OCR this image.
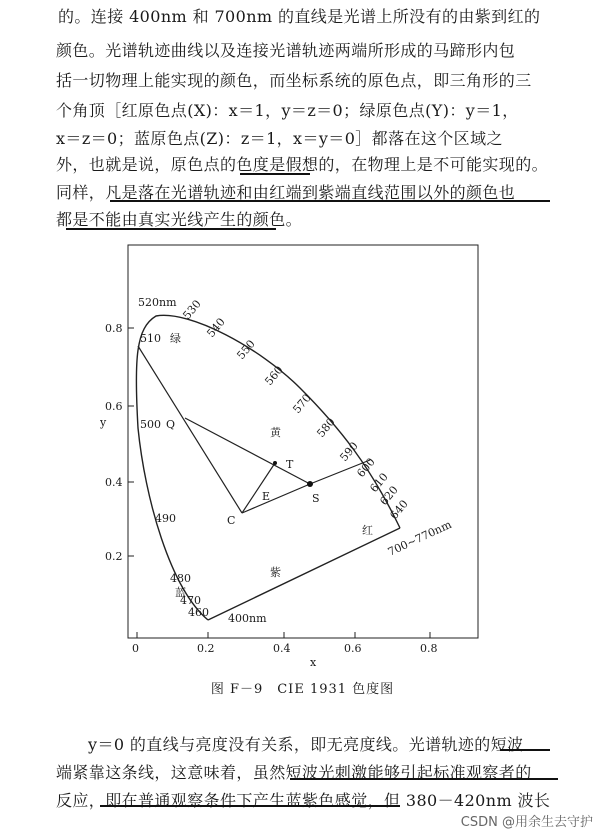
的。连接 400nm 和 700nm 的直线是光谱上所没有的由紫到红的
颜色。光谱轨迹曲线以及连接光谱轨迹两端所形成的马蹄形内包
括一切物理上能实现的颜色，而坐标系统的原色点，即三角形的三
个角顶［红原色点(X)：x＝1，y＝z＝0；绿原色点(Y)：y＝1，
x＝z＝0；蓝原色点(Z)：z＝1，x＝y＝0］都落在这个区域之
外，也就是说，原色点的色度是假想的，在物理上是不可能实现的。
同样，凡是落在光谱轨迹和由红端到紫端直线范围以外的颜色也
都是不能由真实光线产生的颜色。
0	0.2	0.4	0.6	0.8
0.2
0.4
0.6
0.8
x
y
520nm 530
540
550
560
570
580
590
600
610
620
640
700~770nm
510
500
490
480
470
460 400nm
绿
黄
红
紫
蓝
Q
T
E	S
C
图 F－9　CIE 1931 色度图
y＝0 的直线与亮度没有关系，即无亮度线。光谱轨迹的短波
端紧靠这条线，这意味着，虽然短波光刺激能够引起标准观察者的
反应，即在普通观察条件下产生蓝紫色感觉，但 380－420nm 波长
CSDN @用余生去守护
